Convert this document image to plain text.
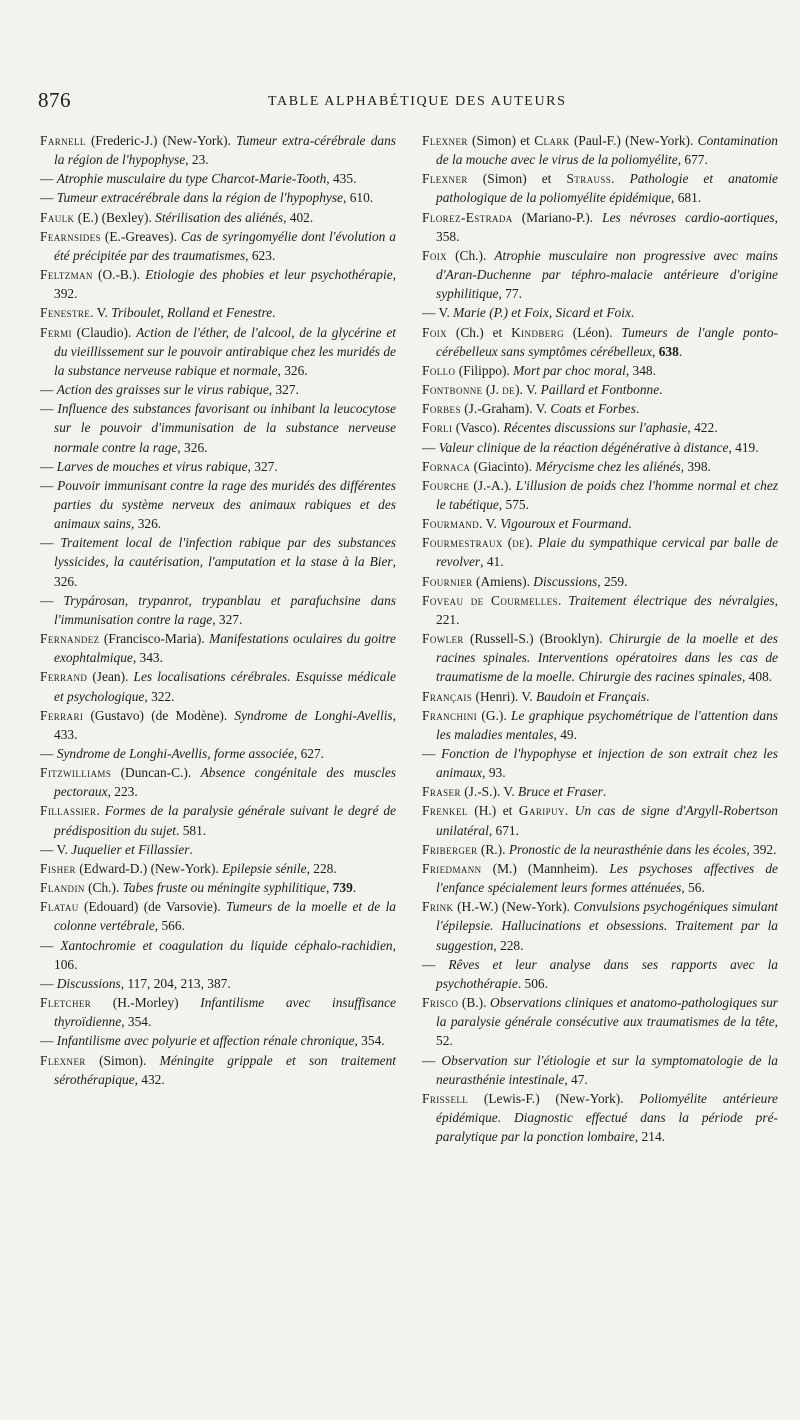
876	TABLE ALPHABÉTIQUE DES AUTEURS

Farnell (Frederic-J.) (New-York). Tumeur extra-cérébrale dans la région de l'hypophyse, 23.

— Atrophie musculaire du type Charcot-Marie-Tooth, 435.

— Tumeur extracérébrale dans la région de l'hypophyse, 610.

Faulk (E.) (Bexley). Stérilisation des aliénés, 402.

Fearnsides (E.-Greaves). Cas de syringomyélie dont l'évolution a été précipitée par des traumatismes, 623.

Feltzman (O.-B.). Etiologie des phobies et leur psychothérapie, 392.

Fenestre. V. Triboulet, Rolland et Fenestre.

Fermi (Claudio). Action de l'éther, de l'alcool, de la glycérine et du vieillissement sur le pouvoir antirabique chez les muridés de la substance nerveuse rabique et normale, 326.

— Action des graisses sur le virus rabique, 327.

— Influence des substances favorisant ou inhibant la leucocytose sur le pouvoir d'immunisation de la substance nerveuse normale contre la rage, 326.

— Larves de mouches et virus rabique, 327.

— Pouvoir immunisant contre la rage des muridés des différentes parties du système nerveux des animaux rabiques et des animaux sains, 326.

— Traitement local de l'infection rabique par des substances lyssicides, la cautérisation, l'amputation et la stase à la Bier, 326.

— Trypárosan, trypanrot, trypanblau et parafuchsine dans l'immunisation contre la rage, 327.

Fernandez (Francisco-Maria). Manifestations oculaires du goitre exophtalmique, 343.

Ferrand (Jean). Les localisations cérébrales. Esquisse médicale et psychologique, 322.

Ferrari (Gustavo) (de Modène). Syndrome de Longhi-Avellis, 433.

— Syndrome de Longhi-Avellis, forme associée, 627.

Fitzwilliams (Duncan-C.). Absence congénitale des muscles pectoraux, 223.

Fillassier. Formes de la paralysie générale suivant le degré de prédisposition du sujet. 581.

— V. Juquelier et Fillassier.

Fisher (Edward-D.) (New-York). Epilepsie sénile, 228.

Flandin (Ch.). Tabes fruste ou méningite syphilitique, 739.

Flatau (Edouard) (de Varsovie). Tumeurs de la moelle et de la colonne vertébrale, 566.

— Xantochromie et coagulation du liquide céphalo-rachidien, 106.

— Discussions, 117, 204, 213, 387.

Fletcher (H.-Morley) Infantilisme avec insuffisance thyroïdienne, 354.

— Infantilisme avec polyurie et affection rénale chronique, 354.

Flexner (Simon). Méningite grippale et son traitement sérothérapique, 432.

Flexner (Simon) et Clark (Paul-F.) (New-York). Contamination de la mouche avec le virus de la poliomyélite, 677.

Flexner (Simon) et Strauss. Pathologie et anatomie pathologique de la poliomyélite épidémique, 681.

Florez-Estrada (Mariano-P.). Les névroses cardio-aortiques, 358.

Foix (Ch.). Atrophie musculaire non progressive avec mains d'Aran-Duchenne par téphro-malacie antérieure d'origine syphilitique, 77.

— V. Marie (P.) et Foix, Sicard et Foix.

Foix (Ch.) et Kindberg (Léon). Tumeurs de l'angle ponto-cérébelleux sans symptômes cérébelleux, 638.

Follo (Filippo). Mort par choc moral, 348.

Fontbonne (J. de). V. Paillard et Fontbonne.

Forbes (J.-Graham). V. Coats et Forbes.

Forli (Vasco). Récentes discussions sur l'aphasie, 422.

— Valeur clinique de la réaction dégénérative à distance, 419.

Fornaca (Giacinto). Mérycisme chez les aliénés, 398.

Fourche (J.-A.). L'illusion de poids chez l'homme normal et chez le tabétique, 575.

Fourmand. V. Vigouroux et Fourmand.

Fourmestraux (de). Plaie du sympathique cervical par balle de revolver, 41.

Fournier (Amiens). Discussions, 259.

Foveau de Courmelles. Traitement électrique des névralgies, 221.

Fowler (Russell-S.) (Brooklyn). Chirurgie de la moelle et des racines spinales. Interventions opératoires dans les cas de traumatisme de la moelle. Chirurgie des racines spinales, 408.

Français (Henri). V. Baudoin et Français.

Franchini (G.). Le graphique psychométrique de l'attention dans les maladies mentales, 49.

— Fonction de l'hypophyse et injection de son extrait chez les animaux, 93.

Fraser (J.-S.). V. Bruce et Fraser.

Frenkel (H.) et Garipuy. Un cas de signe d'Argyll-Robertson unilatéral, 671.

Friberger (R.). Pronostic de la neurasthénie dans les écoles, 392.

Friedmann (M.) (Mannheim). Les psychoses affectives de l'enfance spécialement leurs formes atténuées, 56.

Frink (H.-W.) (New-York). Convulsions psychogéniques simulant l'épilepsie. Hallucinations et obsessions. Traitement par la suggestion, 228.

— Rêves et leur analyse dans ses rapports avec la psychothérapie. 506.

Frisco (B.). Observations cliniques et anatomo-pathologiques sur la paralysie générale consécutive aux traumatismes de la tête, 52.

— Observation sur l'étiologie et sur la symptomatologie de la neurasthénie intestinale, 47.

Frissell (Lewis-F.) (New-York). Poliomyélite antérieure épidémique. Diagnostic effectué dans la période pré-paralytique par la ponction lombaire, 214.
